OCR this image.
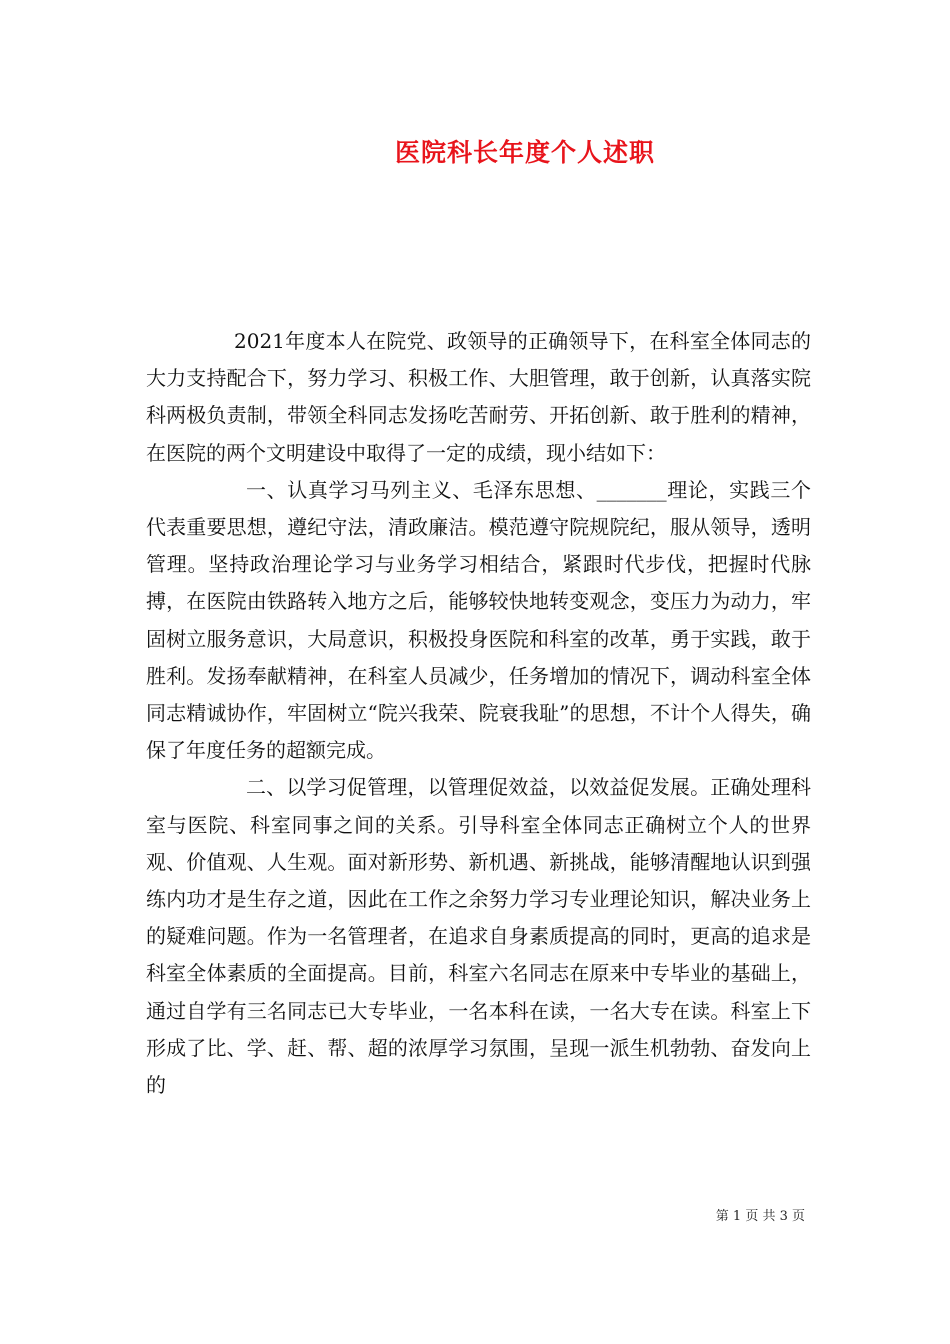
医院科长年度个人述职

2021年度本人在院党、政领导的正确领导下，在科室全体同志的大力支持配合下，努力学习、积极工作、大胆管理，敢于创新，认真落实院科两极负责制，带领全科同志发扬吃苦耐劳、开拓创新、敢于胜利的精神，在医院的两个文明建设中取得了一定的成绩，现小结如下：

一、认真学习马列主义、毛泽东思想、_______理论，实践三个代表重要思想，遵纪守法，清政廉洁。模范遵守院规院纪，服从领导，透明管理。坚持政治理论学习与业务学习相结合，紧跟时代步伐，把握时代脉搏，在医院由铁路转入地方之后，能够较快地转变观念，变压力为动力，牢固树立服务意识，大局意识，积极投身医院和科室的改革，勇于实践，敢于胜利。发扬奉献精神，在科室人员减少，任务增加的情况下，调动科室全体同志精诚协作，牢固树立“院兴我荣、院衰我耻”的思想，不计个人得失，确保了年度任务的超额完成。

二、以学习促管理，以管理促效益，以效益促发展。正确处理科室与医院、科室同事之间的关系。引导科室全体同志正确树立个人的世界观、价值观、人生观。面对新形势、新机遇、新挑战，能够清醒地认识到强练内功才是生存之道，因此在工作之余努力学习专业理论知识，解决业务上的疑难问题。作为一名管理者，在追求自身素质提高的同时，更高的追求是科室全体素质的全面提高。目前，科室六名同志在原来中专毕业的基础上，通过自学有三名同志已大专毕业，一名本科在读，一名大专在读。科室上下形成了比、学、赶、帮、超的浓厚学习氛围，呈现一派生机勃勃、奋发向上的

第 1 页 共 3 页
